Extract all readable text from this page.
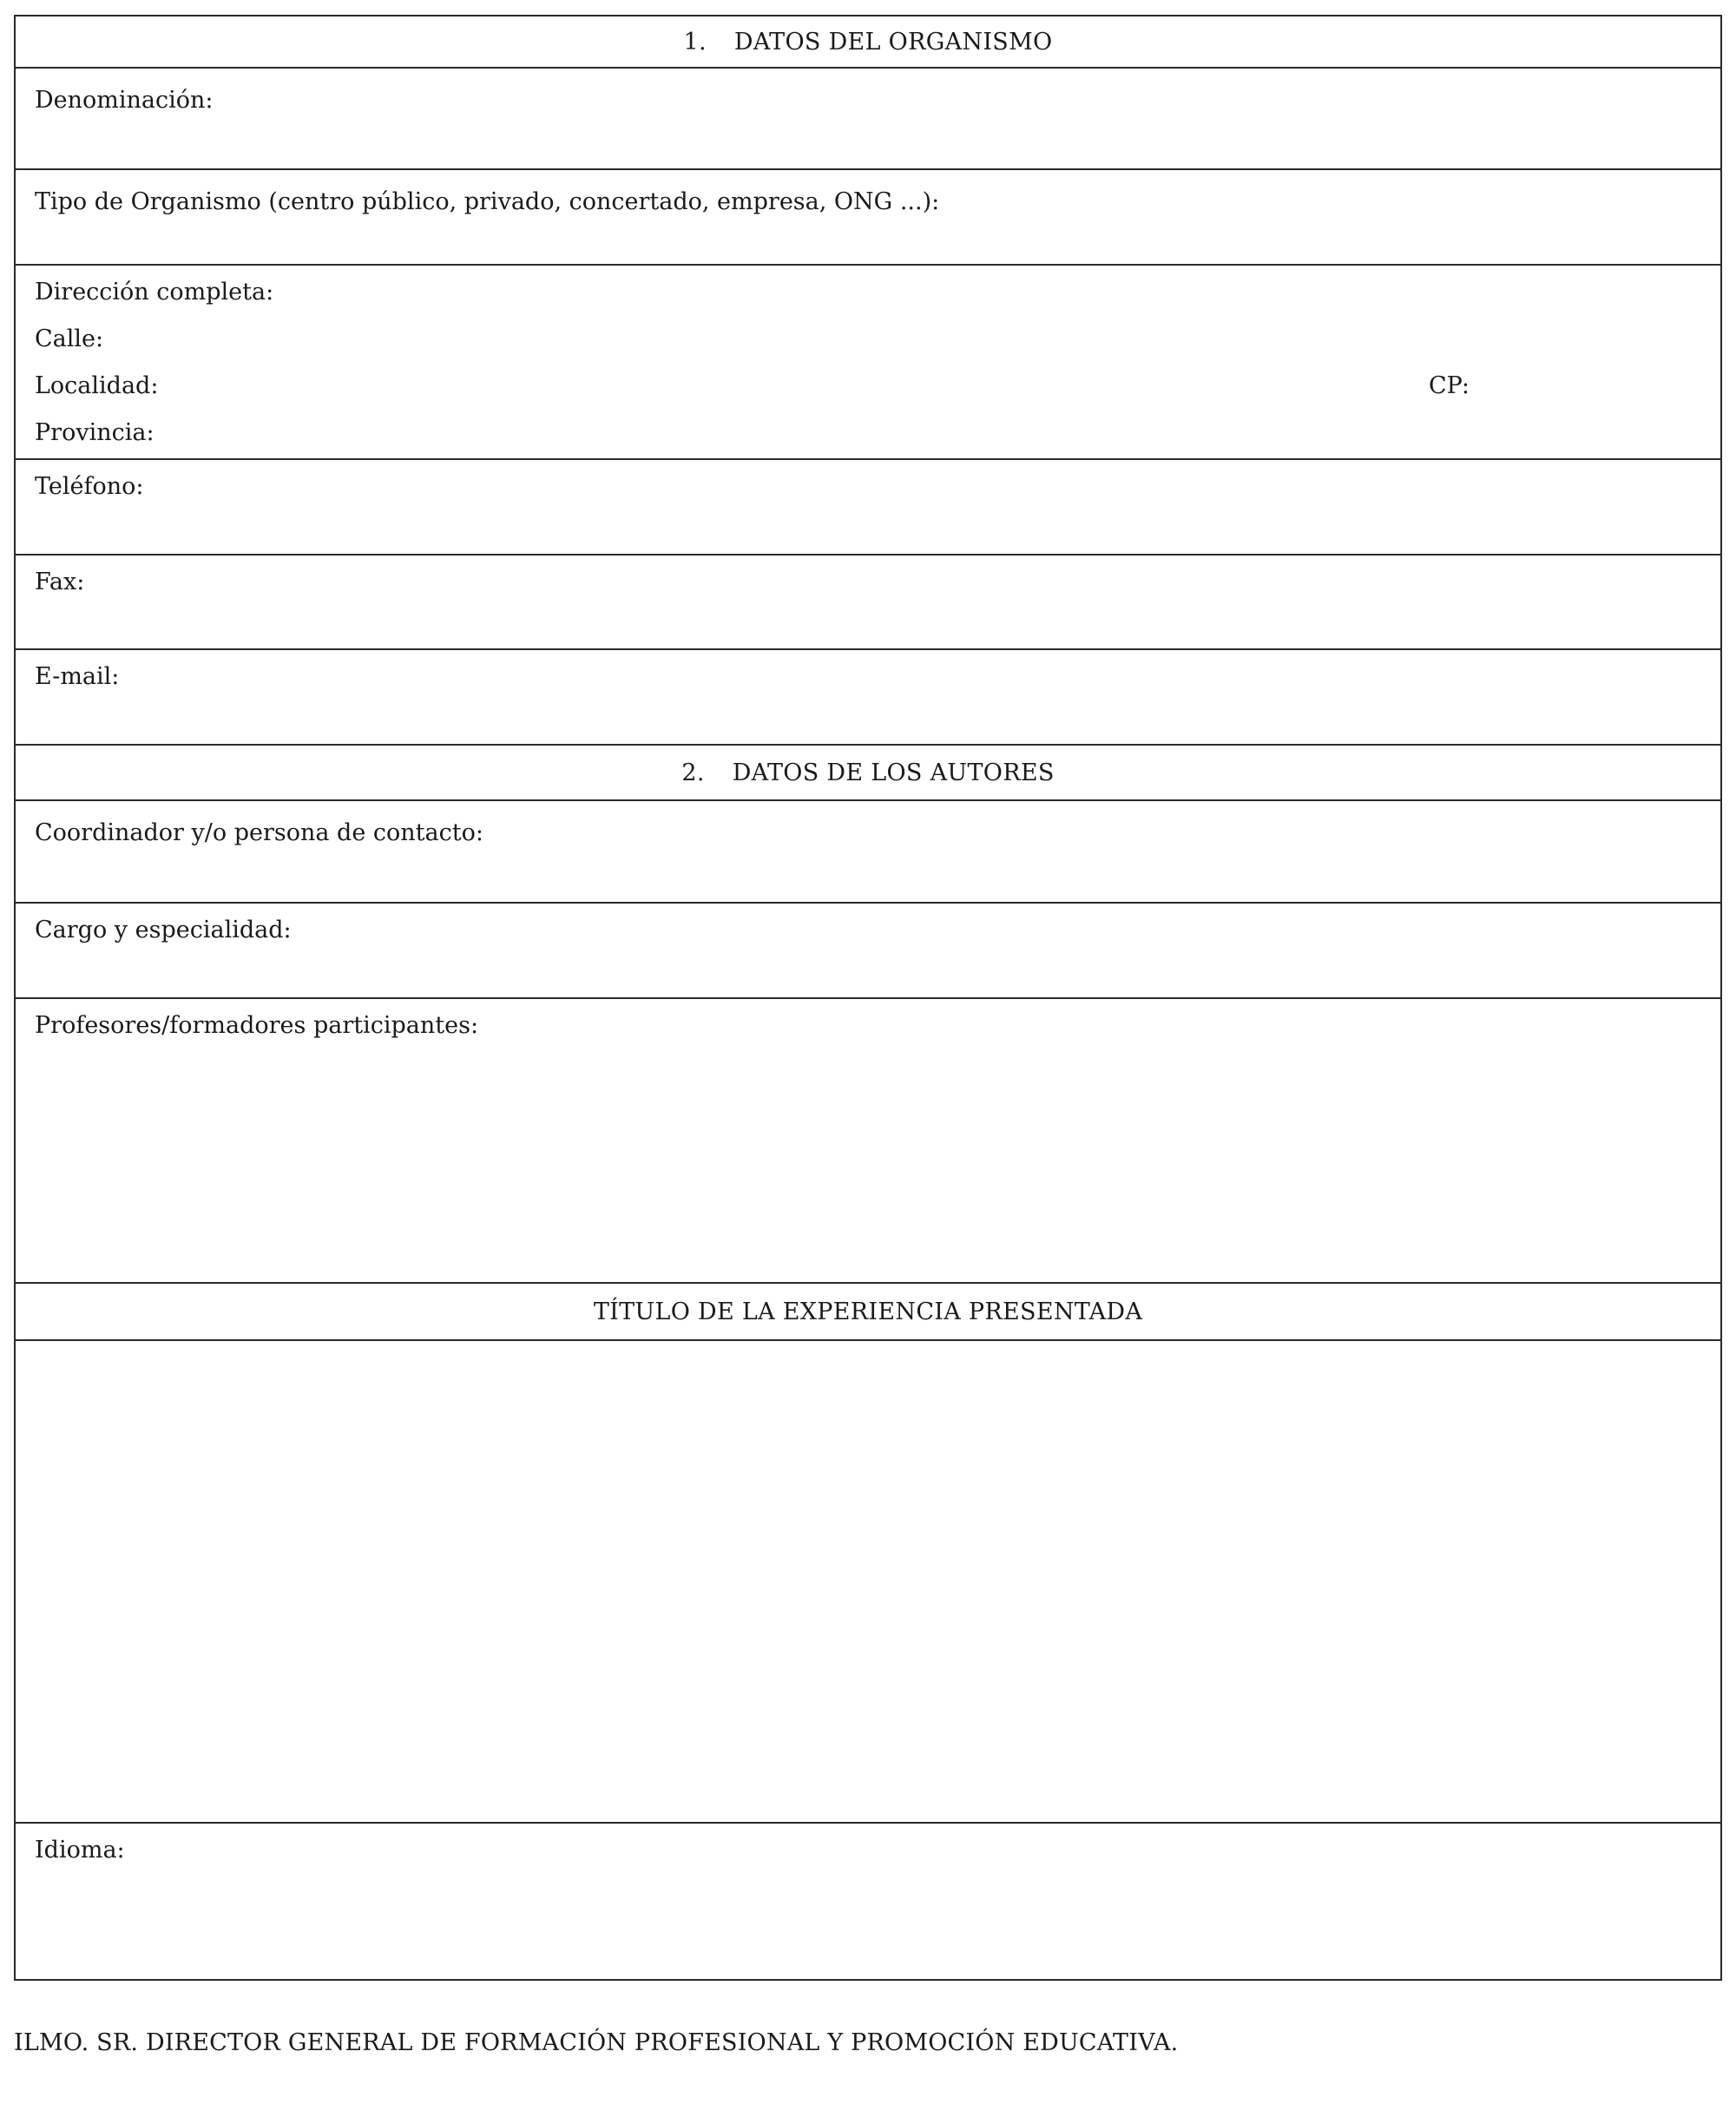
1. DATOS DEL ORGANISMO
Denominación:
Tipo de Organismo (centro público, privado, concertado, empresa, ONG ...):
Dirección completa:
Calle:
Localidad:	CP:
Provincia:
Teléfono:
Fax:
E-mail:
2. DATOS DE LOS AUTORES
Coordinador y/o persona de contacto:
Cargo y especialidad:
Profesores/formadores participantes:
TÍTULO DE LA EXPERIENCIA PRESENTADA
Idioma:
ILMO. SR. DIRECTOR GENERAL DE FORMACIÓN PROFESIONAL Y PROMOCIÓN EDUCATIVA.
